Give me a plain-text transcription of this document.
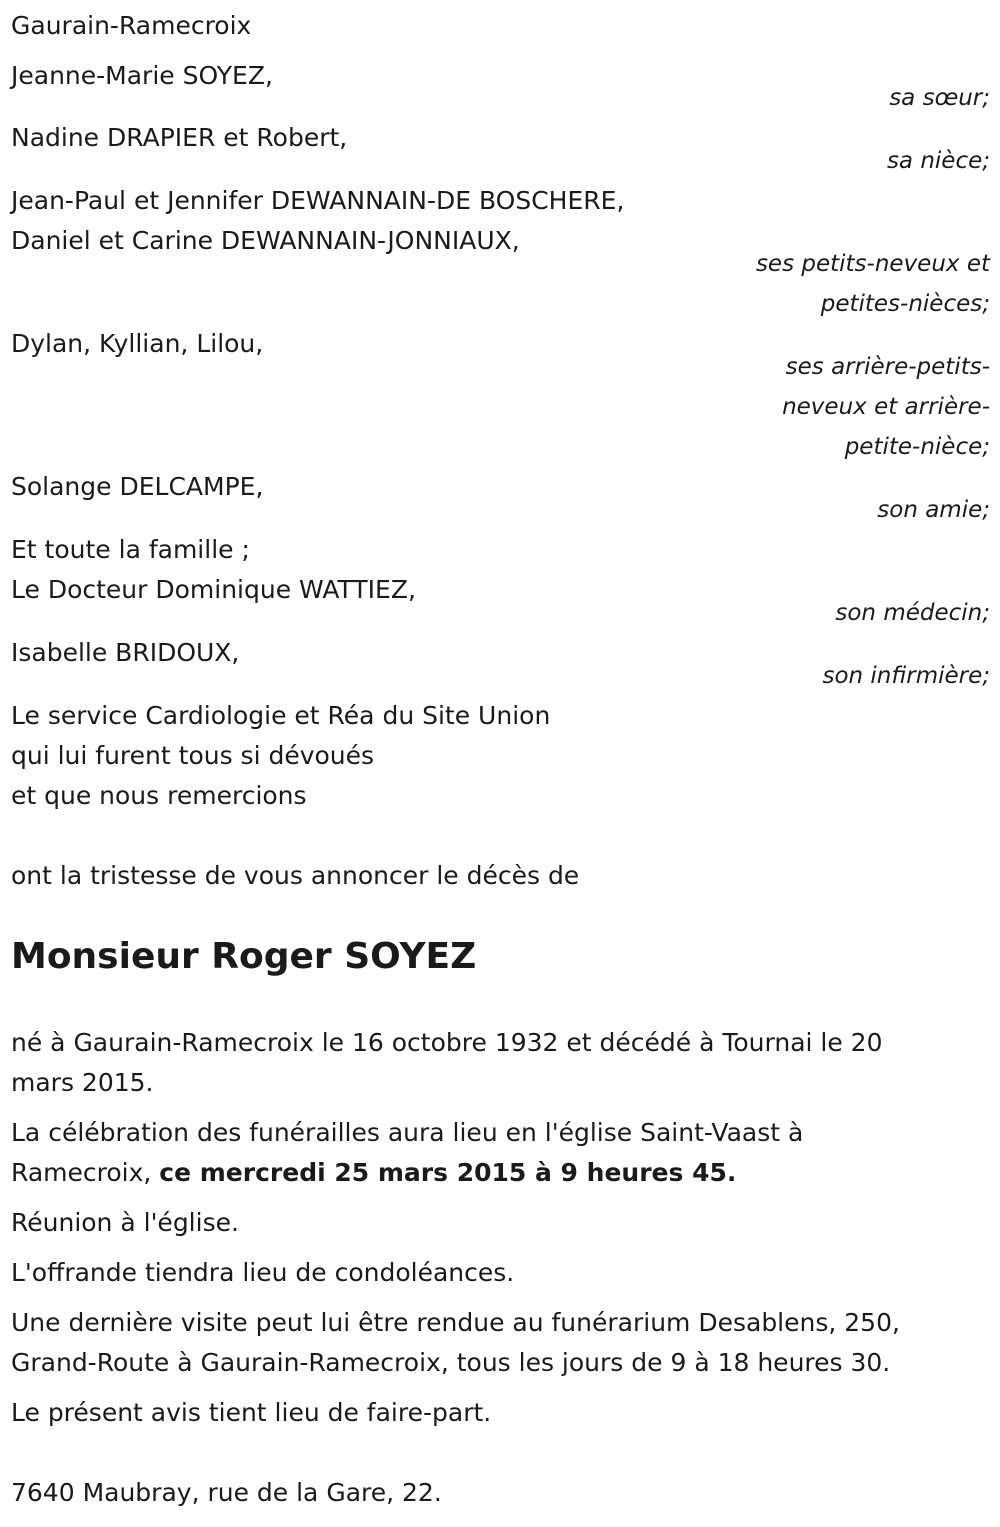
Gaurain-Ramecroix
Jeanne-Marie SOYEZ,
sa sœur;
Nadine DRAPIER et Robert,
sa nièce;
Jean-Paul et Jennifer DEWANNAIN-DE BOSCHERE,
Daniel et Carine DEWANNAIN-JONNIAUX,
ses petits-neveux et
petites-nièces;
Dylan, Kyllian, Lilou,
ses arrière-petits-
neveux et arrière-
petite-nièce;
Solange DELCAMPE,
son amie;
Et toute la famille ;
Le Docteur Dominique WATTIEZ,
son médecin;
Isabelle BRIDOUX,
son infirmière;
Le service Cardiologie et Réa du Site Union
qui lui furent tous si dévoués
et que nous remercions
ont la tristesse de vous annoncer le décès de
Monsieur Roger SOYEZ
né à Gaurain-Ramecroix le 16 octobre 1932 et décédé à Tournai le 20
mars 2015.
La célébration des funérailles aura lieu en l'église Saint-Vaast à
Ramecroix, ce mercredi 25 mars 2015 à 9 heures 45.
Réunion à l'église.
L'offrande tiendra lieu de condoléances.
Une dernière visite peut lui être rendue au funérarium Desablens, 250,
Grand-Route à Gaurain-Ramecroix, tous les jours de 9 à 18 heures 30.
Le présent avis tient lieu de faire-part.
7640 Maubray, rue de la Gare, 22.
